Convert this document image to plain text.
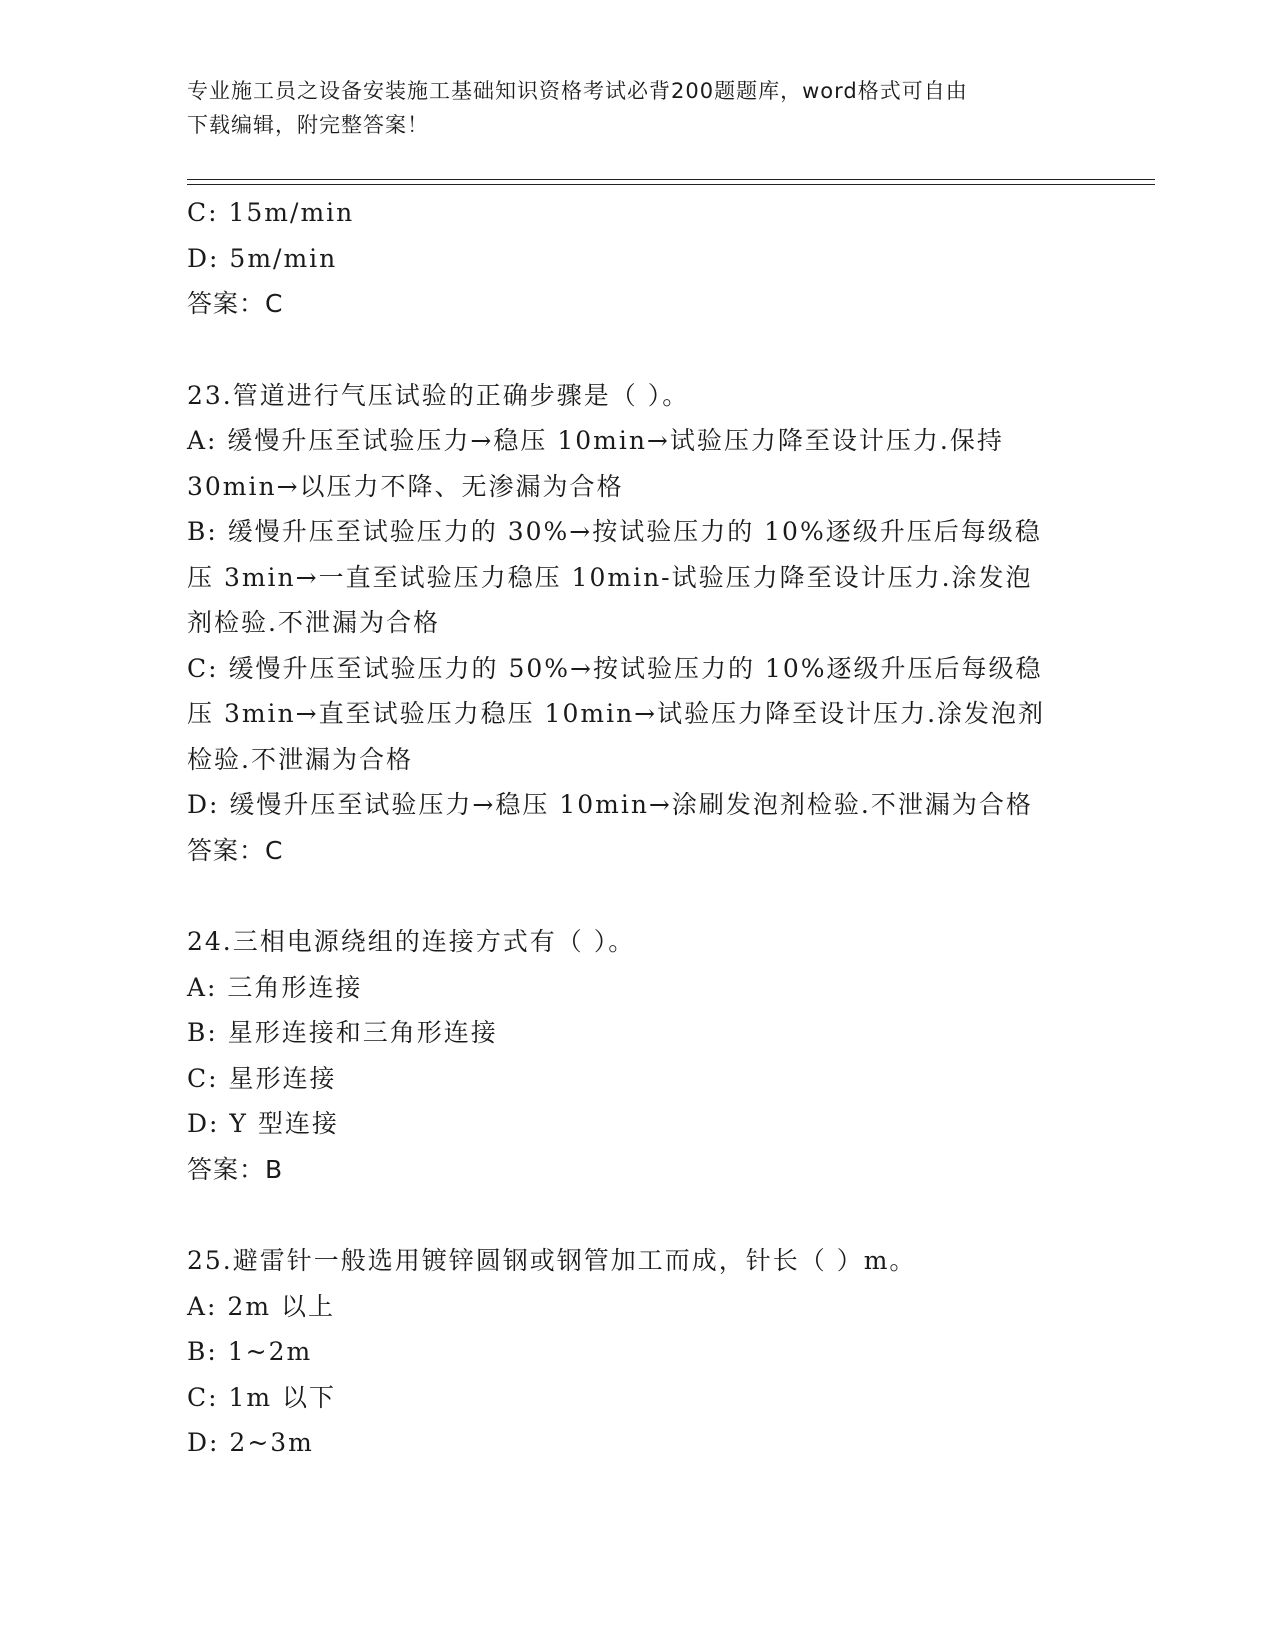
专业施工员之设备安装施工基础知识资格考试必背200题题库，word格式可自由
下载编辑，附完整答案！
C: 15m/min
D: 5m/min
答案：C
23.管道进行气压试验的正确步骤是（ ）。
A: 缓慢升压至试验压力→稳压 10min→试验压力降至设计压力.保持
30min→以压力不降、无渗漏为合格
B: 缓慢升压至试验压力的 30%→按试验压力的 10%逐级升压后每级稳
压 3min→一直至试验压力稳压 10min-试验压力降至设计压力.涂发泡
剂检验.不泄漏为合格
C: 缓慢升压至试验压力的 50%→按试验压力的 10%逐级升压后每级稳
压 3min→直至试验压力稳压 10min→试验压力降至设计压力.涂发泡剂
检验.不泄漏为合格
D: 缓慢升压至试验压力→稳压 10min→涂刷发泡剂检验.不泄漏为合格
答案：C
24.三相电源绕组的连接方式有（ ）。
A: 三角形连接
B: 星形连接和三角形连接
C: 星形连接
D: Y 型连接
答案：B
25.避雷针一般选用镀锌圆钢或钢管加工而成，针长（ ）m。
A: 2m 以上
B: 1~2m
C: 1m 以下
D: 2~3m
